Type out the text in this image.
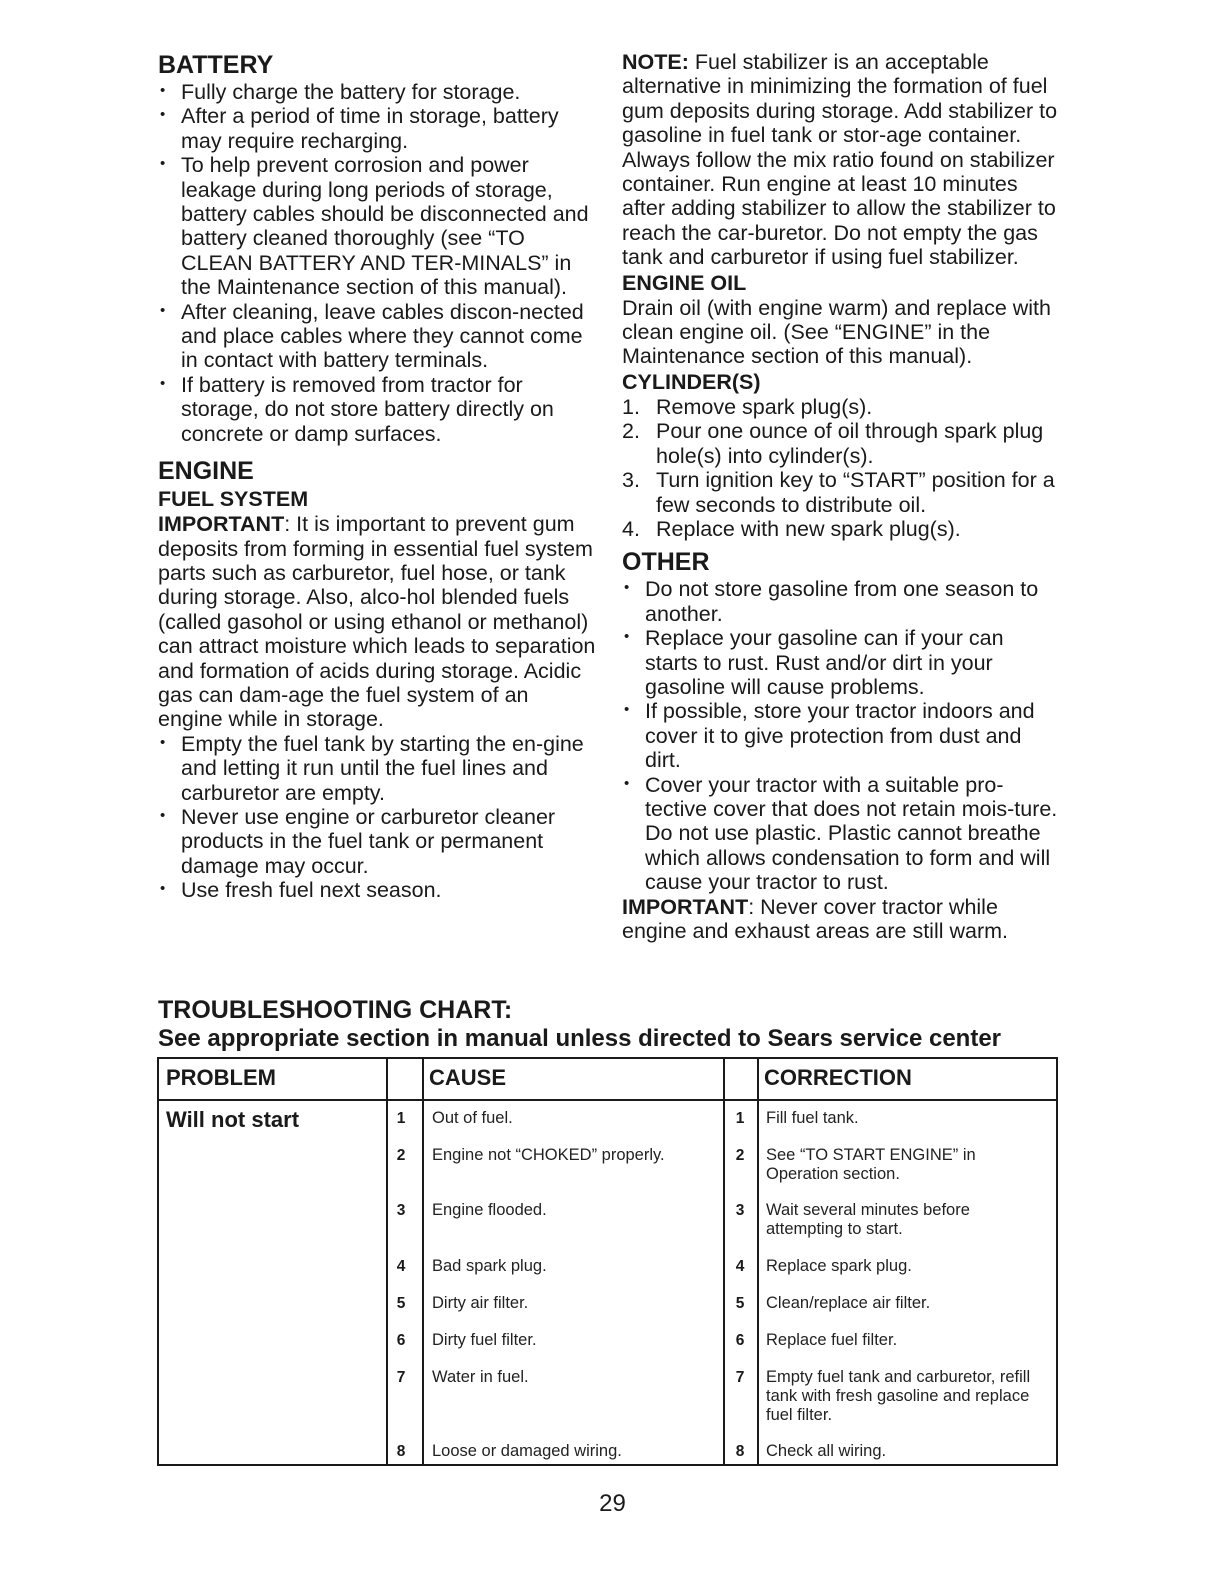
BATTERY
• Fully charge the battery for storage.
• After a period of time in storage, battery may require recharging.
• To help prevent corrosion and power leakage during long periods of storage, battery cables should be disconnected and battery cleaned thoroughly (see “TO CLEAN BATTERY AND TER-MINALS” in the Maintenance section of this manual).
• After cleaning, leave cables discon-nected and place cables where they cannot come in contact with battery terminals.
• If battery is removed from tractor for storage, do not store battery directly on concrete or damp surfaces.
ENGINE
FUEL SYSTEM

IMPORTANT: It is important to prevent gum deposits from forming in essential fuel system parts such as carburetor, fuel hose, or tank during storage. Also, alco-hol blended fuels (called gasohol or using ethanol or methanol) can attract moisture which leads to separation and formation of acids during storage. Acidic gas can dam-age the fuel system of an engine while in storage.

• Empty the fuel tank by starting the en-gine and letting it run until the fuel lines and carburetor are empty.
• Never use engine or carburetor cleaner products in the fuel tank or permanent damage may occur.
• Use fresh fuel next season.

NOTE: Fuel stabilizer is an acceptable alternative in minimizing the formation of fuel gum deposits during storage. Add stabilizer to gasoline in fuel tank or stor-age container. Always follow the mix ratio found on stabilizer container. Run engine at least 10 minutes after adding stabilizer to allow the stabilizer to reach the car-buretor. Do not empty the gas tank and carburetor if using fuel stabilizer.

ENGINE OIL

Drain oil (with engine warm) and replace with clean engine oil. (See “ENGINE” in the Maintenance section of this manual).

CYLINDER(S)
1. Remove spark plug(s).
2. Pour one ounce of oil through spark plug hole(s) into cylinder(s).
3. Turn ignition key to “START” position for a few seconds to distribute oil.
4. Replace with new spark plug(s).
OTHER
• Do not store gasoline from one season to another.
• Replace your gasoline can if your can starts to rust. Rust and/or dirt in your gasoline will cause problems.
• If possible, store your tractor indoors and cover it to give protection from dust and dirt.
• Cover your tractor with a suitable pro-tective cover that does not retain mois-ture. Do not use plastic. Plastic cannot breathe which allows condensation to form and will cause your tractor to rust.

IMPORTANT: Never cover tractor while engine and exhaust areas are still warm.

TROUBLESHOOTING CHART:
See appropriate section in manual unless directed to Sears service center
PROBLEM	CAUSE	CORRECTION
Will not start	1	Out of fuel.	1	Fill fuel tank.
2	Engine not “CHOKED” properly.	2	See “TO START ENGINE” in Operation section.
3	Engine flooded.	3	Wait several minutes before attempting to start.
4	Bad spark plug.	4	Replace spark plug.
5	Dirty air filter.	5	Clean/replace air filter.
6	Dirty fuel filter.	6	Replace fuel filter.
7	Water in fuel.	7	Empty fuel tank and carburetor, refill tank with fresh gasoline and replace fuel filter.
8	Loose or damaged wiring.	8	Check all wiring.
29
